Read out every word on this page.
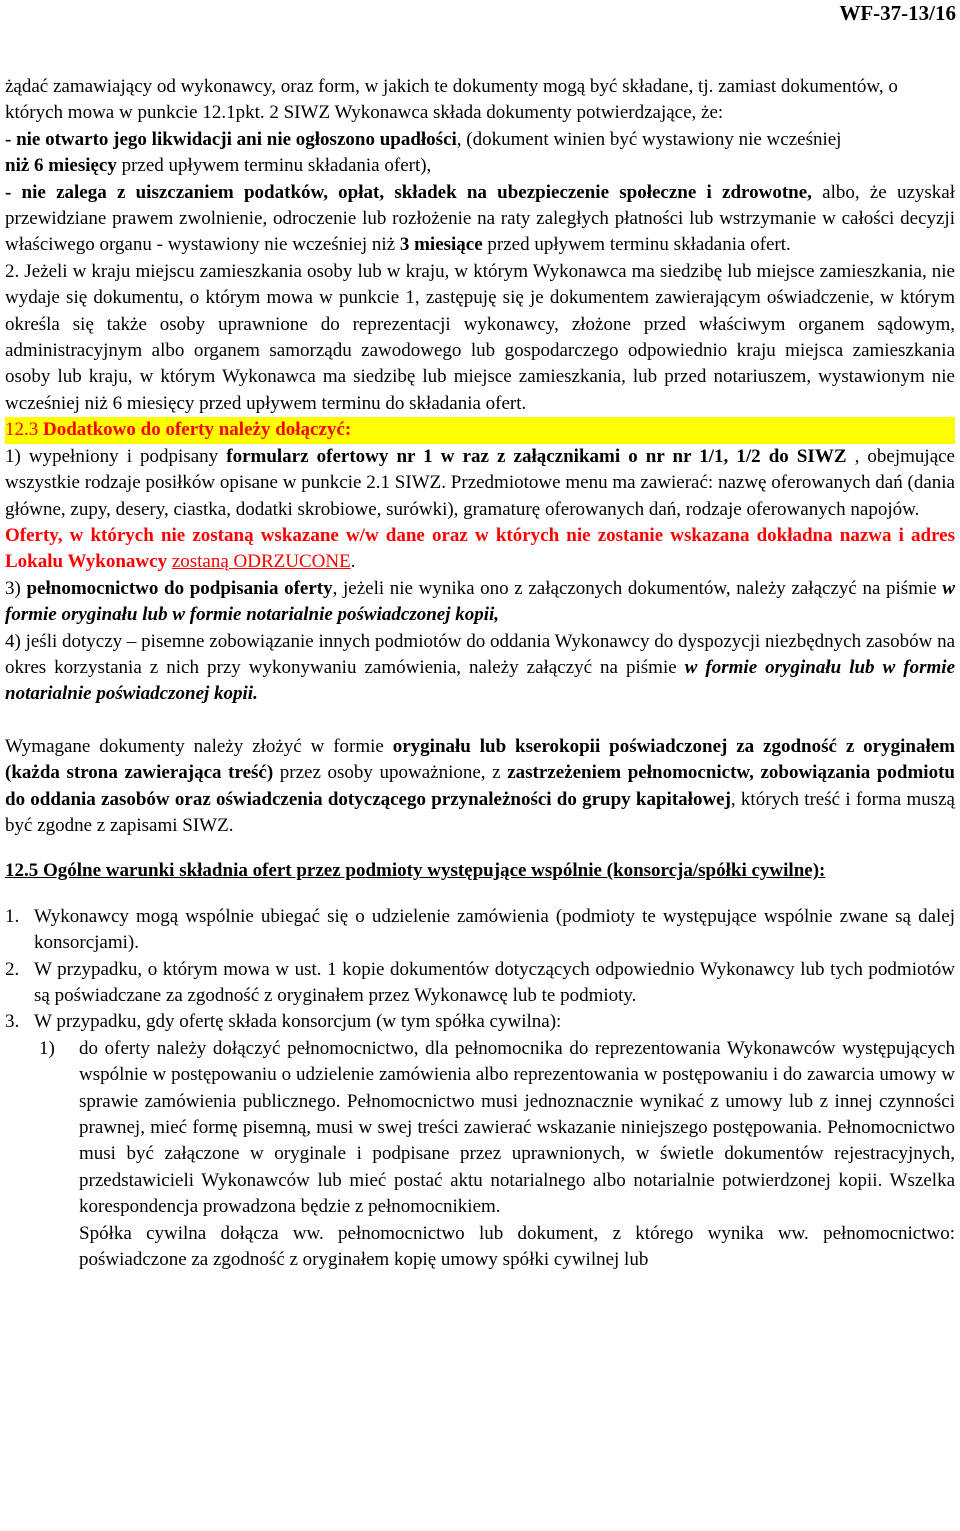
WF-37-13/16

żądać zamawiający od wykonawcy, oraz form, w jakich te dokumenty mogą być składane, tj. zamiast dokumentów, o
których mowa w punkcie 12.1pkt. 2 SIWZ Wykonawca składa dokumenty potwierdzające, że:
- nie otwarto jego likwidacji ani nie ogłoszono upadłości, (dokument winien być wystawiony nie wcześniej
niż 6 miesięcy przed upływem terminu składania ofert),

- nie zalega z uiszczaniem podatków, opłat, składek na ubezpieczenie społeczne i zdrowotne, albo, że uzyskał przewidziane prawem zwolnienie, odroczenie lub rozłożenie na raty zaległych płatności lub wstrzymanie w całości decyzji właściwego organu - wystawiony nie wcześniej niż 3 miesiące przed upływem terminu składania ofert.

2. Jeżeli w kraju miejscu zamieszkania osoby lub w kraju, w którym Wykonawca ma siedzibę lub miejsce zamieszkania, nie wydaje się dokumentu, o którym mowa w punkcie 1, zastępuję się je dokumentem zawierającym oświadczenie, w którym określa się także osoby uprawnione do reprezentacji wykonawcy, złożone przed właściwym organem sądowym, administracyjnym albo organem samorządu zawodowego lub gospodarczego odpowiednio kraju miejsca zamieszkania osoby lub kraju, w którym Wykonawca ma siedzibę lub miejsce zamieszkania, lub przed notariuszem, wystawionym nie wcześniej niż 6 miesięcy przed upływem terminu do składania ofert.

12.3 Dodatkowo do oferty należy dołączyć:

1) wypełniony i podpisany formularz ofertowy nr 1 w raz z załącznikami o nr nr 1/1, 1/2 do SIWZ , obejmujące wszystkie rodzaje posiłków opisane w punkcie 2.1 SIWZ. Przedmiotowe menu ma zawierać: nazwę oferowanych dań (dania główne, zupy, desery, ciastka, dodatki skrobiowe, surówki), gramaturę oferowanych dań, rodzaje oferowanych napojów.

Oferty, w których nie zostaną wskazane w/w dane oraz w których nie zostanie wskazana dokładna nazwa i adres Lokalu Wykonawcy zostaną ODRZUCONE.

3) pełnomocnictwo do podpisania oferty, jeżeli nie wynika ono z załączonych dokumentów, należy załączyć na piśmie w formie oryginału lub w formie notarialnie poświadczonej kopii,

4) jeśli dotyczy – pisemne zobowiązanie innych podmiotów do oddania Wykonawcy do dyspozycji niezbędnych zasobów na okres korzystania z nich przy wykonywaniu zamówienia, należy załączyć na piśmie w formie oryginału lub w formie notarialnie poświadczonej kopii.

Wymagane dokumenty należy złożyć w formie oryginału lub kserokopii poświadczonej za zgodność z oryginałem (każda strona zawierająca treść) przez osoby upoważnione, z zastrzeżeniem pełnomocnictw, zobowiązania podmiotu do oddania zasobów oraz oświadczenia dotyczącego przynależności do grupy kapitałowej, których treść i forma muszą być zgodne z zapisami SIWZ.

12.5 Ogólne warunki składnia ofert przez podmioty występujące wspólnie (konsorcja/spółki cywilne):

1. Wykonawcy mogą wspólnie ubiegać się o udzielenie zamówienia (podmioty te występujące wspólnie zwane są dalej konsorcjami).
2. W przypadku, o którym mowa w ust. 1 kopie dokumentów dotyczących odpowiednio Wykonawcy lub tych podmiotów są poświadczane za zgodność z oryginałem przez Wykonawcę lub te podmioty.
3. W przypadku, gdy ofertę składa konsorcjum (w tym spółka cywilna):
1)	do oferty należy dołączyć pełnomocnictwo, dla pełnomocnika do reprezentowania Wykonawców występujących wspólnie w postępowaniu o udzielenie zamówienia albo reprezentowania w postępowaniu i do zawarcia umowy w sprawie zamówienia publicznego. Pełnomocnictwo musi jednoznacznie wynikać z umowy lub z innej czynności prawnej, mieć formę pisemną, musi w swej treści zawierać wskazanie niniejszego postępowania. Pełnomocnictwo musi być załączone w oryginale i podpisane przez uprawnionych, w świetle dokumentów rejestracyjnych, przedstawicieli Wykonawców lub mieć postać aktu notarialnego albo notarialnie potwierdzonej kopii. Wszelka korespondencja prowadzona będzie z pełnomocnikiem.

Spółka cywilna dołącza ww. pełnomocnictwo lub dokument, z którego wynika ww. pełnomocnictwo: poświadczone za zgodność z oryginałem kopię umowy spółki cywilnej lub
